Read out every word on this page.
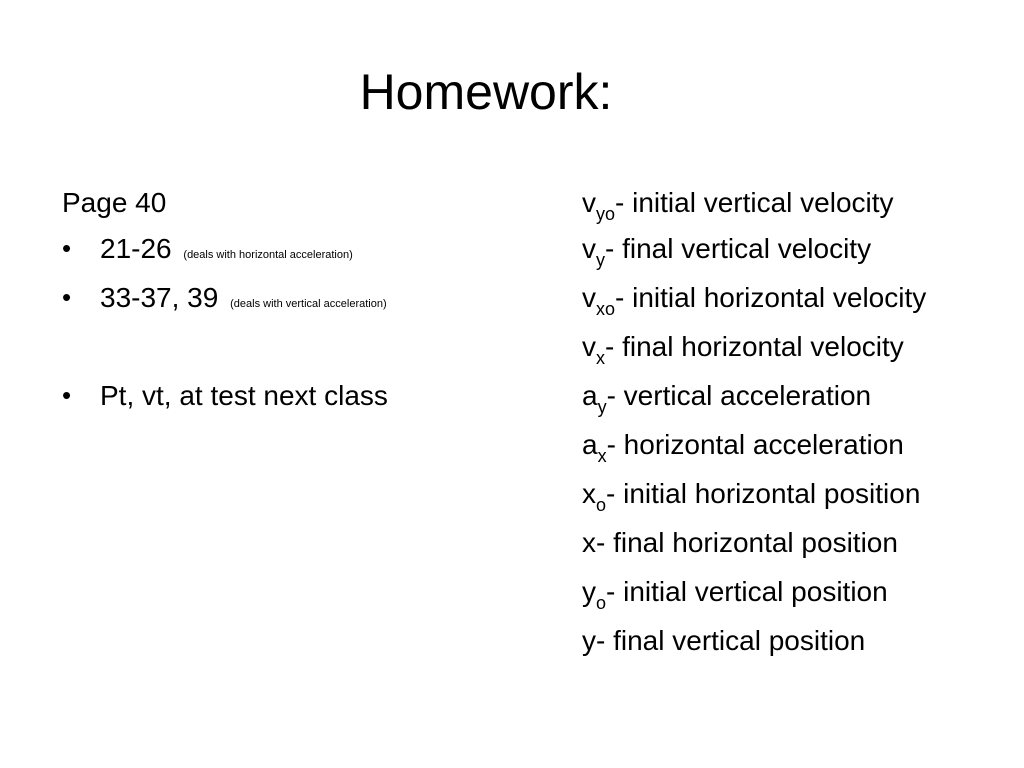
Homework:
Page 40
• 21-26 (deals with horizontal acceleration)
• 33-37, 39 (deals with vertical acceleration)
• Pt, vt, at test next class
$v_{yo}-$ initial vertical velocity
$v_y-$ final vertical velocity
$v_{xo}-$ initial horizontal velocity
$v_x-$ final horizontal velocity
$a_y-$ vertical acceleration
$a_x-$ horizontal acceleration
$x_o-$ initial horizontal position
x- final horizontal position
$y_o-$ initial vertical position
y- final vertical position
